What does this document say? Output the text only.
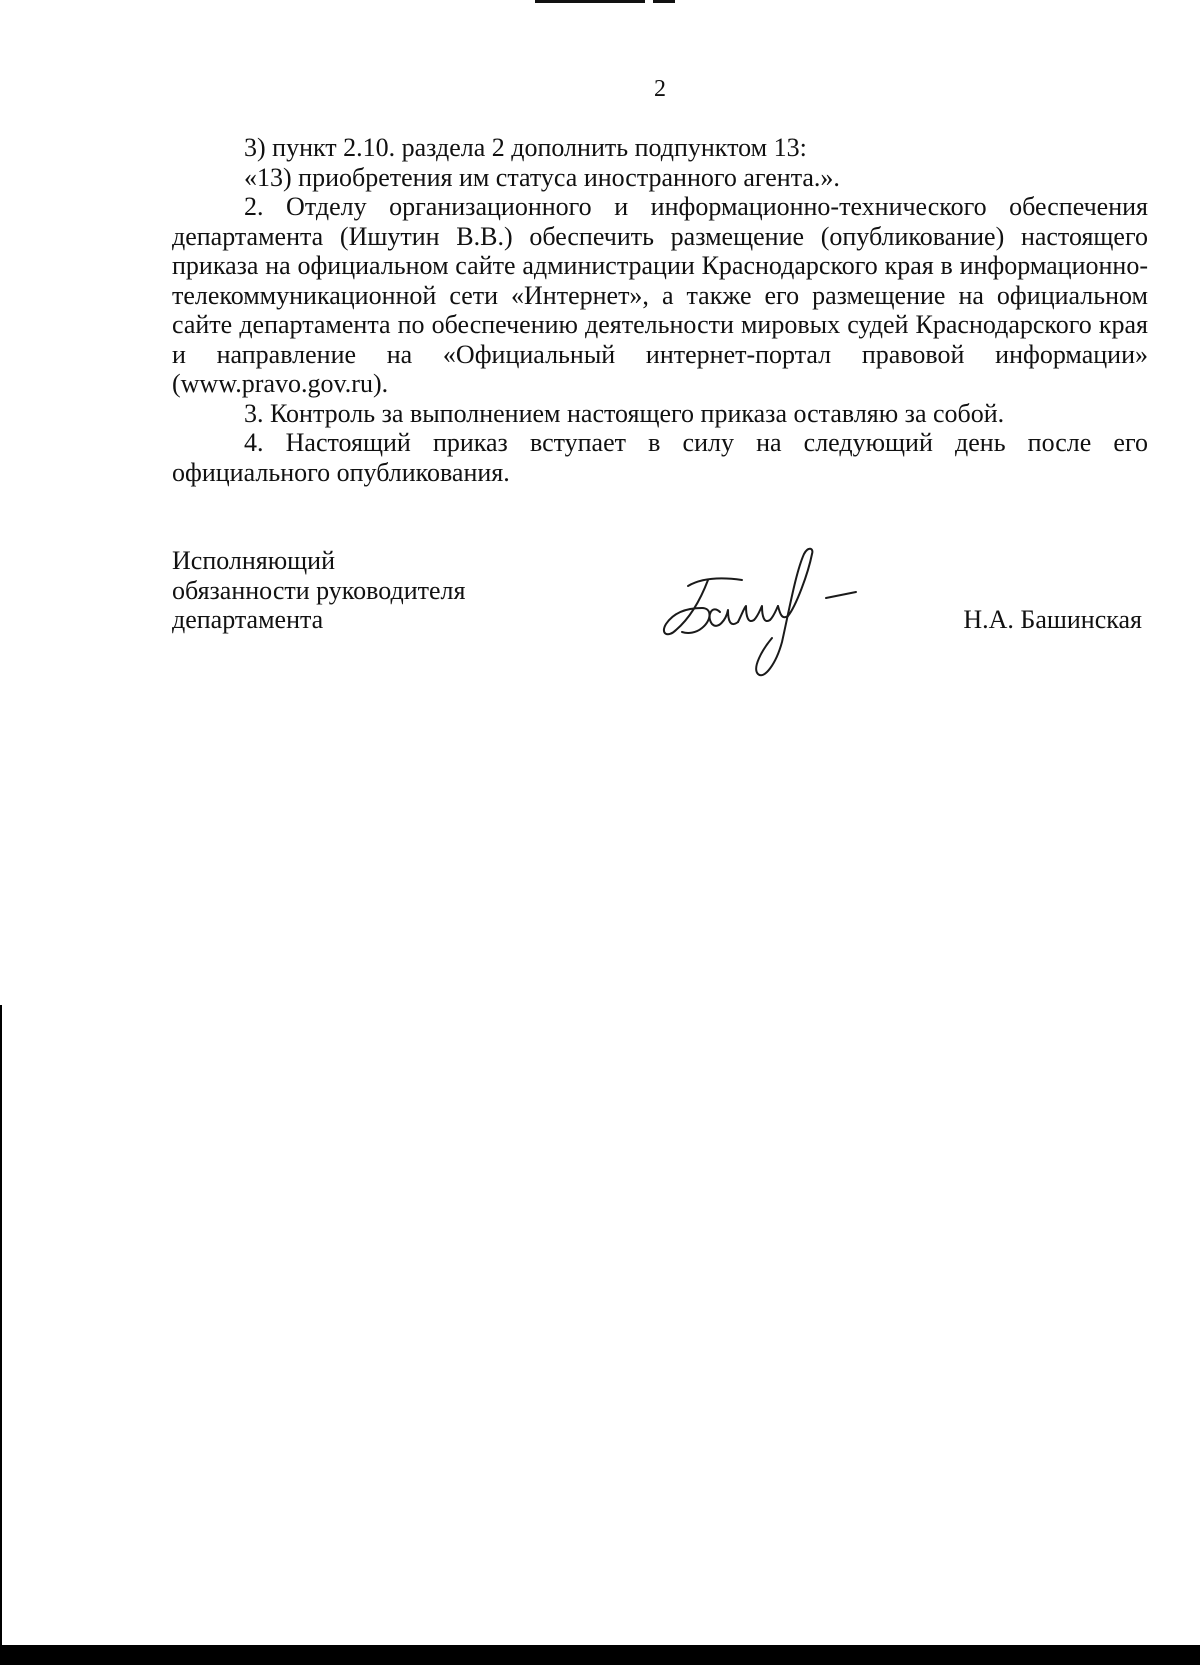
2

3) пункт 2.10. раздела 2 дополнить подпунктом 13:

«13) приобретения им статуса иностранного агента.».

2. Отделу организационного и информационно-технического обеспечения департамента (Ишутин В.В.) обеспечить размещение (опубликование) настоящего приказа на официальном сайте администрации Краснодарского края в информационно-телекоммуникационной сети «Интернет», а также его размещение на официальном сайте департамента по обеспечению деятельности мировых судей Краснодарского края и направление на «Официальный интернет-портал правовой информации» (www.pravo.gov.ru).

3. Контроль за выполнением настоящего приказа оставляю за собой.

4. Настоящий приказ вступает в силу на следующий день после его официального опубликования.

Исполняющий
обязанности руководителя
департамента	Н.А. Башинская
